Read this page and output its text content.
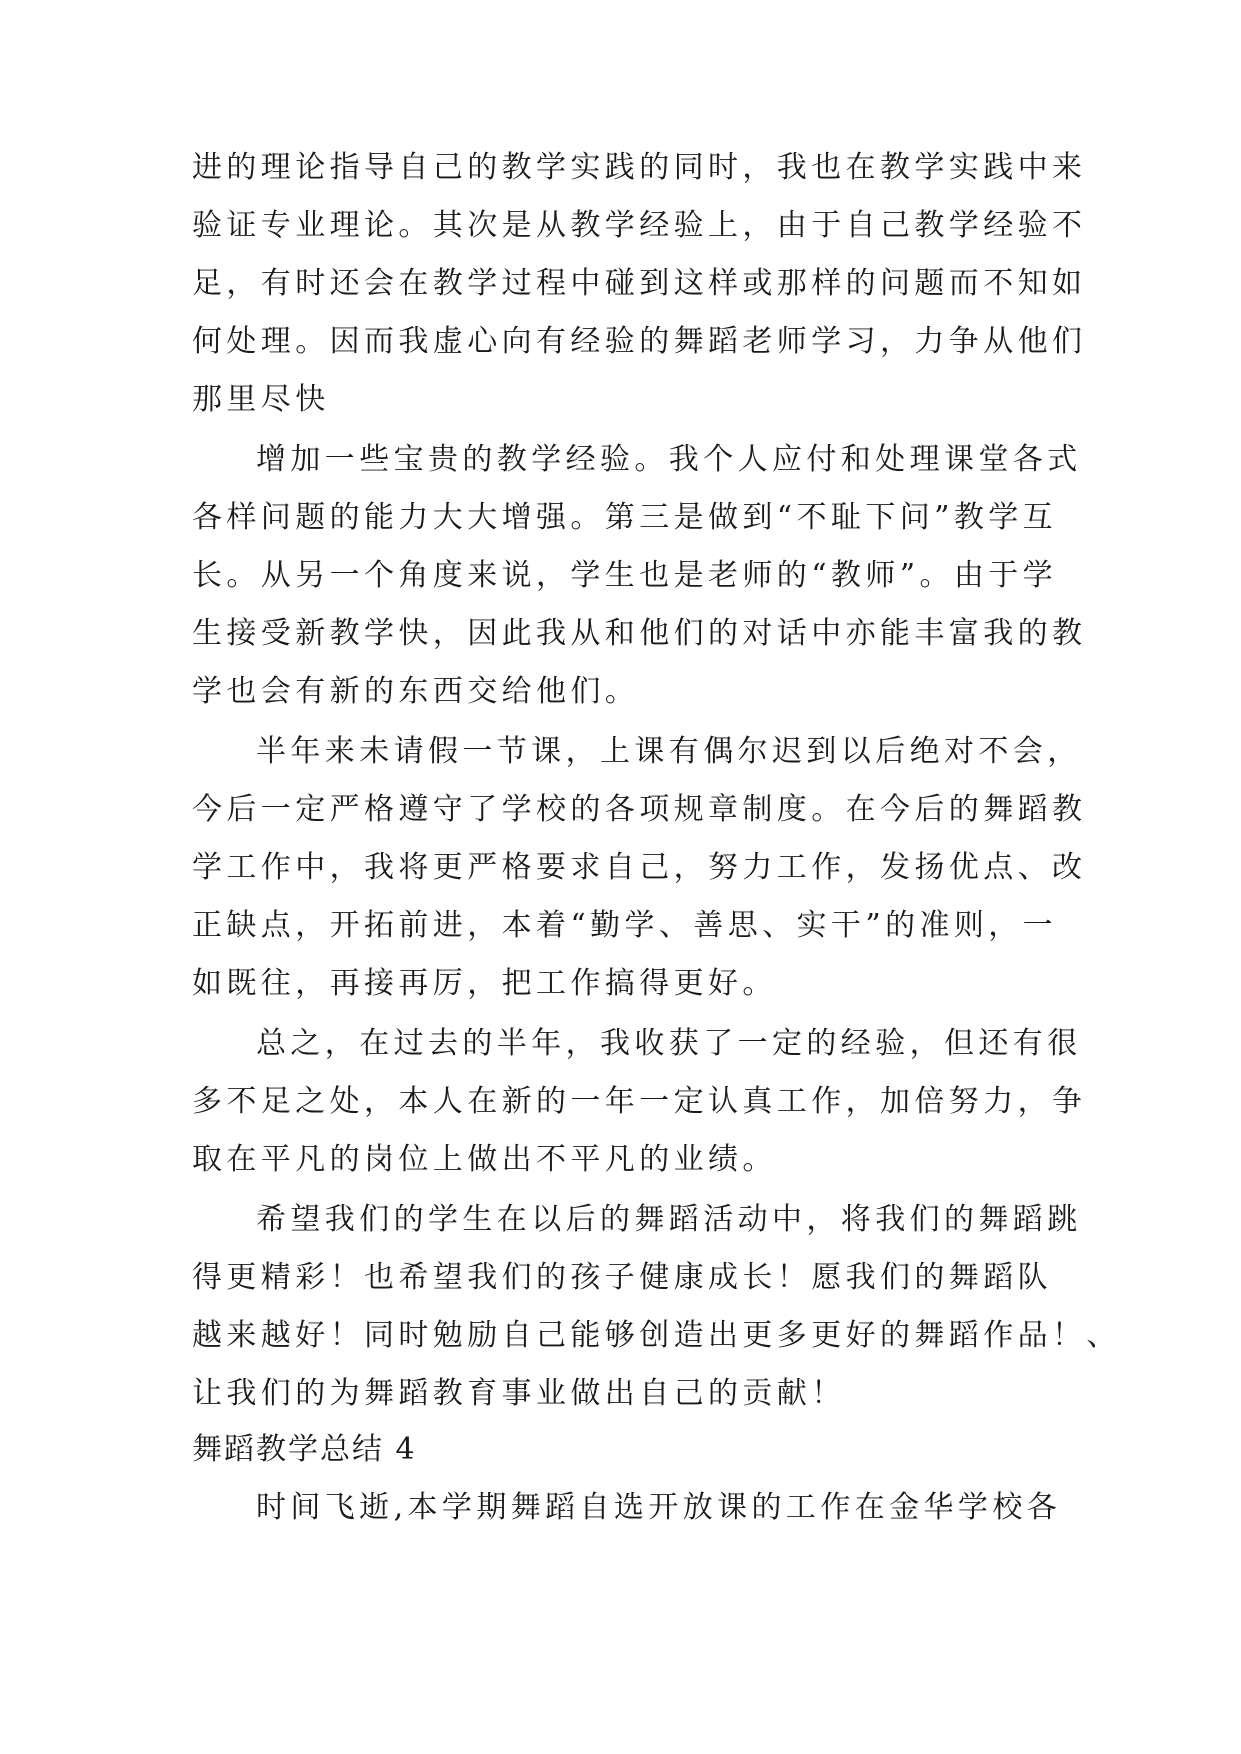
进的理论指导自己的教学实践的同时，我也在教学实践中来
验证专业理论。其次是从教学经验上，由于自己教学经验不
足，有时还会在教学过程中碰到这样或那样的问题而不知如
何处理。因而我虚心向有经验的舞蹈老师学习，力争从他们
那里尽快
增加一些宝贵的教学经验。我个人应付和处理课堂各式
各样问题的能力大大增强。第三是做到“不耻下问”教学互
长。从另一个角度来说，学生也是老师的“教师”。由于学
生接受新教学快，因此我从和他们的对话中亦能丰富我的教
学也会有新的东西交给他们。
半年来未请假一节课，上课有偶尔迟到以后绝对不会，
今后一定严格遵守了学校的各项规章制度。在今后的舞蹈教
学工作中，我将更严格要求自己，努力工作，发扬优点、改
正缺点，开拓前进，本着“勤学、善思、实干”的准则，一
如既往，再接再厉，把工作搞得更好。
总之，在过去的半年，我收获了一定的经验，但还有很
多不足之处，本人在新的一年一定认真工作，加倍努力，争
取在平凡的岗位上做出不平凡的业绩。
希望我们的学生在以后的舞蹈活动中，将我们的舞蹈跳
得更精彩！也希望我们的孩子健康成长！愿我们的舞蹈队
越来越好！同时勉励自己能够创造出更多更好的舞蹈作品！、
让我们的为舞蹈教育事业做出自己的贡献！
舞蹈教学总结 4
时间飞逝,本学期舞蹈自选开放课的工作在金华学校各
